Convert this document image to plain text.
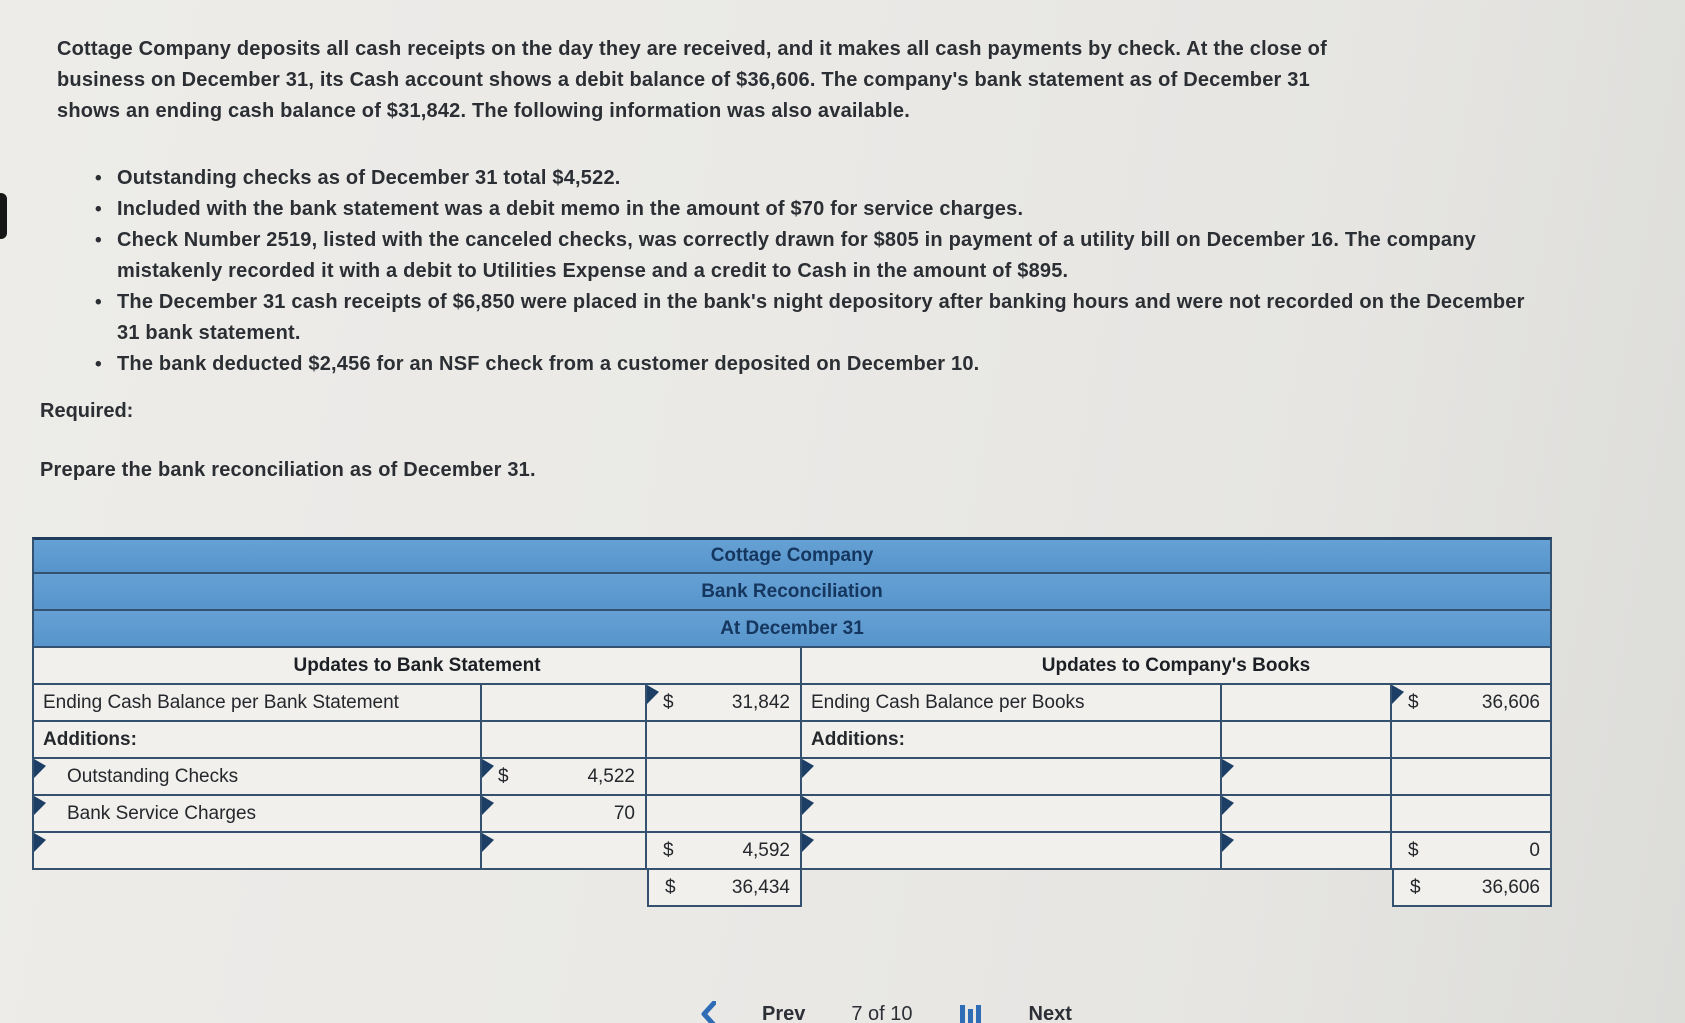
Cottage Company deposits all cash receipts on the day they are received, and it makes all cash payments by check. At the close of
business on December 31, its Cash account shows a debit balance of $36,606. The company's bank statement as of December 31
shows an ending cash balance of $31,842. The following information was also available.
• Outstanding checks as of December 31 total $4,522.
• Included with the bank statement was a debit memo in the amount of $70 for service charges.
• Check Number 2519, listed with the canceled checks, was correctly drawn for $805 in payment of a utility bill on December 16. The company mistakenly recorded it with a debit to Utilities Expense and a credit to Cash in the amount of $895.
• The December 31 cash receipts of $6,850 were placed in the bank's night depository after banking hours and were not recorded on the December 31 bank statement.
• The bank deducted $2,456 for an NSF check from a customer deposited on December 10.
Required:
Prepare the bank reconciliation as of December 31.
Cottage Company
Bank Reconciliation
At December 31
Updates to Bank Statement	Updates to Company's Books
Ending Cash Balance per Bank Statement	$	31,842	Ending Cash Balance per Books	$	36,606
Additions:	Additions:
Outstanding Checks	$	4,522
Bank Service Charges	70
$	4,592	$	0
$	36,434	$	36,606
Prev 7 of 10	Next
